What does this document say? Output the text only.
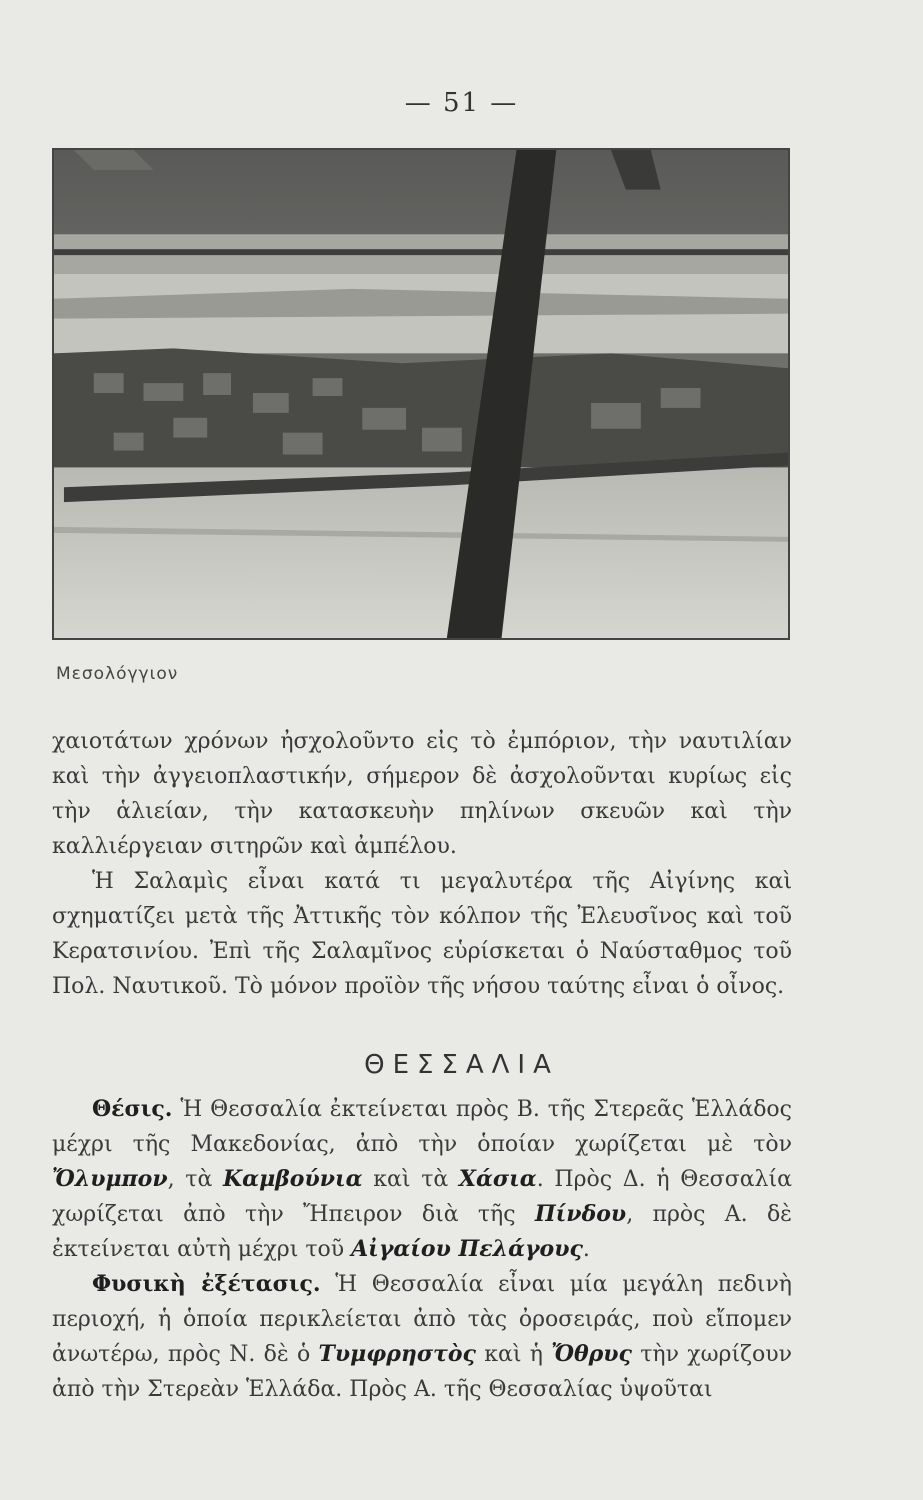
— 51 —
Μεσολόγγιον

χαιοτάτων χρόνων ἠσχολοῦντο εἰς τὸ ἐμπόριον, τὴν ναυτιλίαν καὶ τὴν ἀγγειοπλαστικήν, σήμερον δὲ ἀσχολοῦνται κυρίως εἰς τὴν ἁλιείαν, τὴν κατασκευὴν πηλίνων σκευῶν καὶ τὴν καλλιέργειαν σιτηρῶν καὶ ἀμπέλου.

Ἡ Σαλαμὶς εἶναι κατά τι μεγαλυτέρα τῆς Αἰγίνης καὶ σχηματίζει μετὰ τῆς Ἀττικῆς τὸν κόλπον τῆς Ἐλευσῖνος καὶ τοῦ Κερατσινίου. Ἐπὶ τῆς Σαλαμῖνος εὑρίσκεται ὁ Ναύσταθμος τοῦ Πολ. Ναυτικοῦ. Τὸ μόνον προϊὸν τῆς νήσου ταύτης εἶναι ὁ οἶνος.

ΘΕΣΣΑΛΙΑ

Θέσις. Ἡ Θεσσαλία ἐκτείνεται πρὸς Β. τῆς Στερεᾶς Ἑλλάδος μέχρι τῆς Μακεδονίας, ἀπὸ τὴν ὁποίαν χωρίζεται μὲ τὸν Ὄλυμπον, τὰ Καμβούνια καὶ τὰ Χάσια. Πρὸς Δ. ἡ Θεσσαλία χωρίζεται ἀπὸ τὴν Ἤπειρον διὰ τῆς Πίνδου, πρὸς Α. δὲ ἐκτείνεται αὐτὴ μέχρι τοῦ Αἰγαίου Πελάγους.

Φυσικὴ ἐξέτασις. Ἡ Θεσσαλία εἶναι μία μεγάλη πεδινὴ περιοχή, ἡ ὁποία περικλείεται ἀπὸ τὰς ὀροσειράς, ποὺ εἴπομεν ἀνωτέρω, πρὸς Ν. δὲ ὁ Τυμφρηστὸς καὶ ἡ Ὄθρυς τὴν χωρίζουν ἀπὸ τὴν Στερεὰν Ἑλλάδα. Πρὸς Α. τῆς Θεσσαλίας ὑψοῦται
